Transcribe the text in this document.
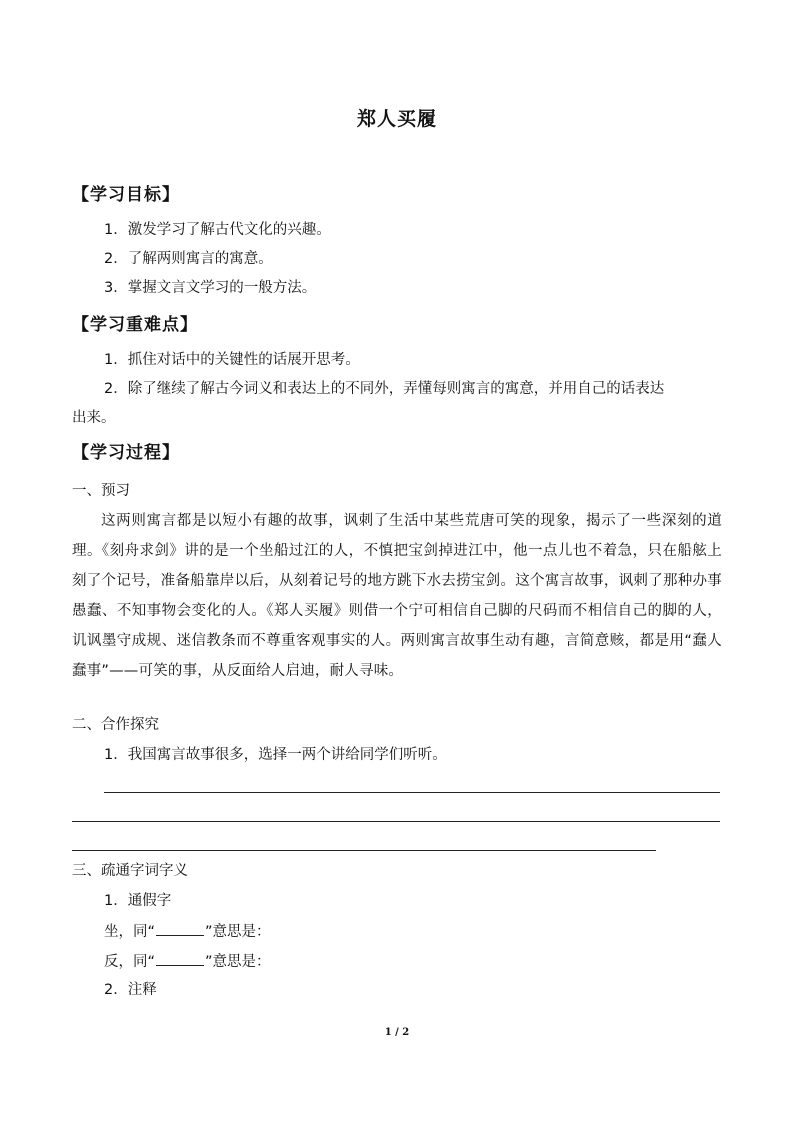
郑人买履
【学习目标】
1．激发学习了解古代文化的兴趣。
2．了解两则寓言的寓意。
3．掌握文言文学习的一般方法。
【学习重难点】
1．抓住对话中的关键性的话展开思考。
2．除了继续了解古今词义和表达上的不同外，弄懂每则寓言的寓意，并用自己的话表达
出来。
【学习过程】
一、预习
这两则寓言都是以短小有趣的故事，讽刺了生活中某些荒唐可笑的现象，揭示了一些深刻的道理。《刻舟求剑》讲的是一个坐船过江的人，不慎把宝剑掉进江中，他一点儿也不着急，只在船舷上刻了个记号，准备船靠岸以后，从刻着记号的地方跳下水去捞宝剑。这个寓言故事，讽刺了那种办事愚蠢、不知事物会变化的人。《郑人买履》则借一个宁可相信自己脚的尺码而不相信自己的脚的人，讥讽墨守成规、迷信教条而不尊重客观事实的人。两则寓言故事生动有趣，言简意赅，都是用“蠢人蠢事”——可笑的事，从反面给人启迪，耐人寻味。
二、合作探究
1．我国寓言故事很多，选择一两个讲给同学们听听。
三、疏通字词字义
1．通假字
坐，同“	”意思是：
反，同“	”意思是：
2．注释
1 / 2
